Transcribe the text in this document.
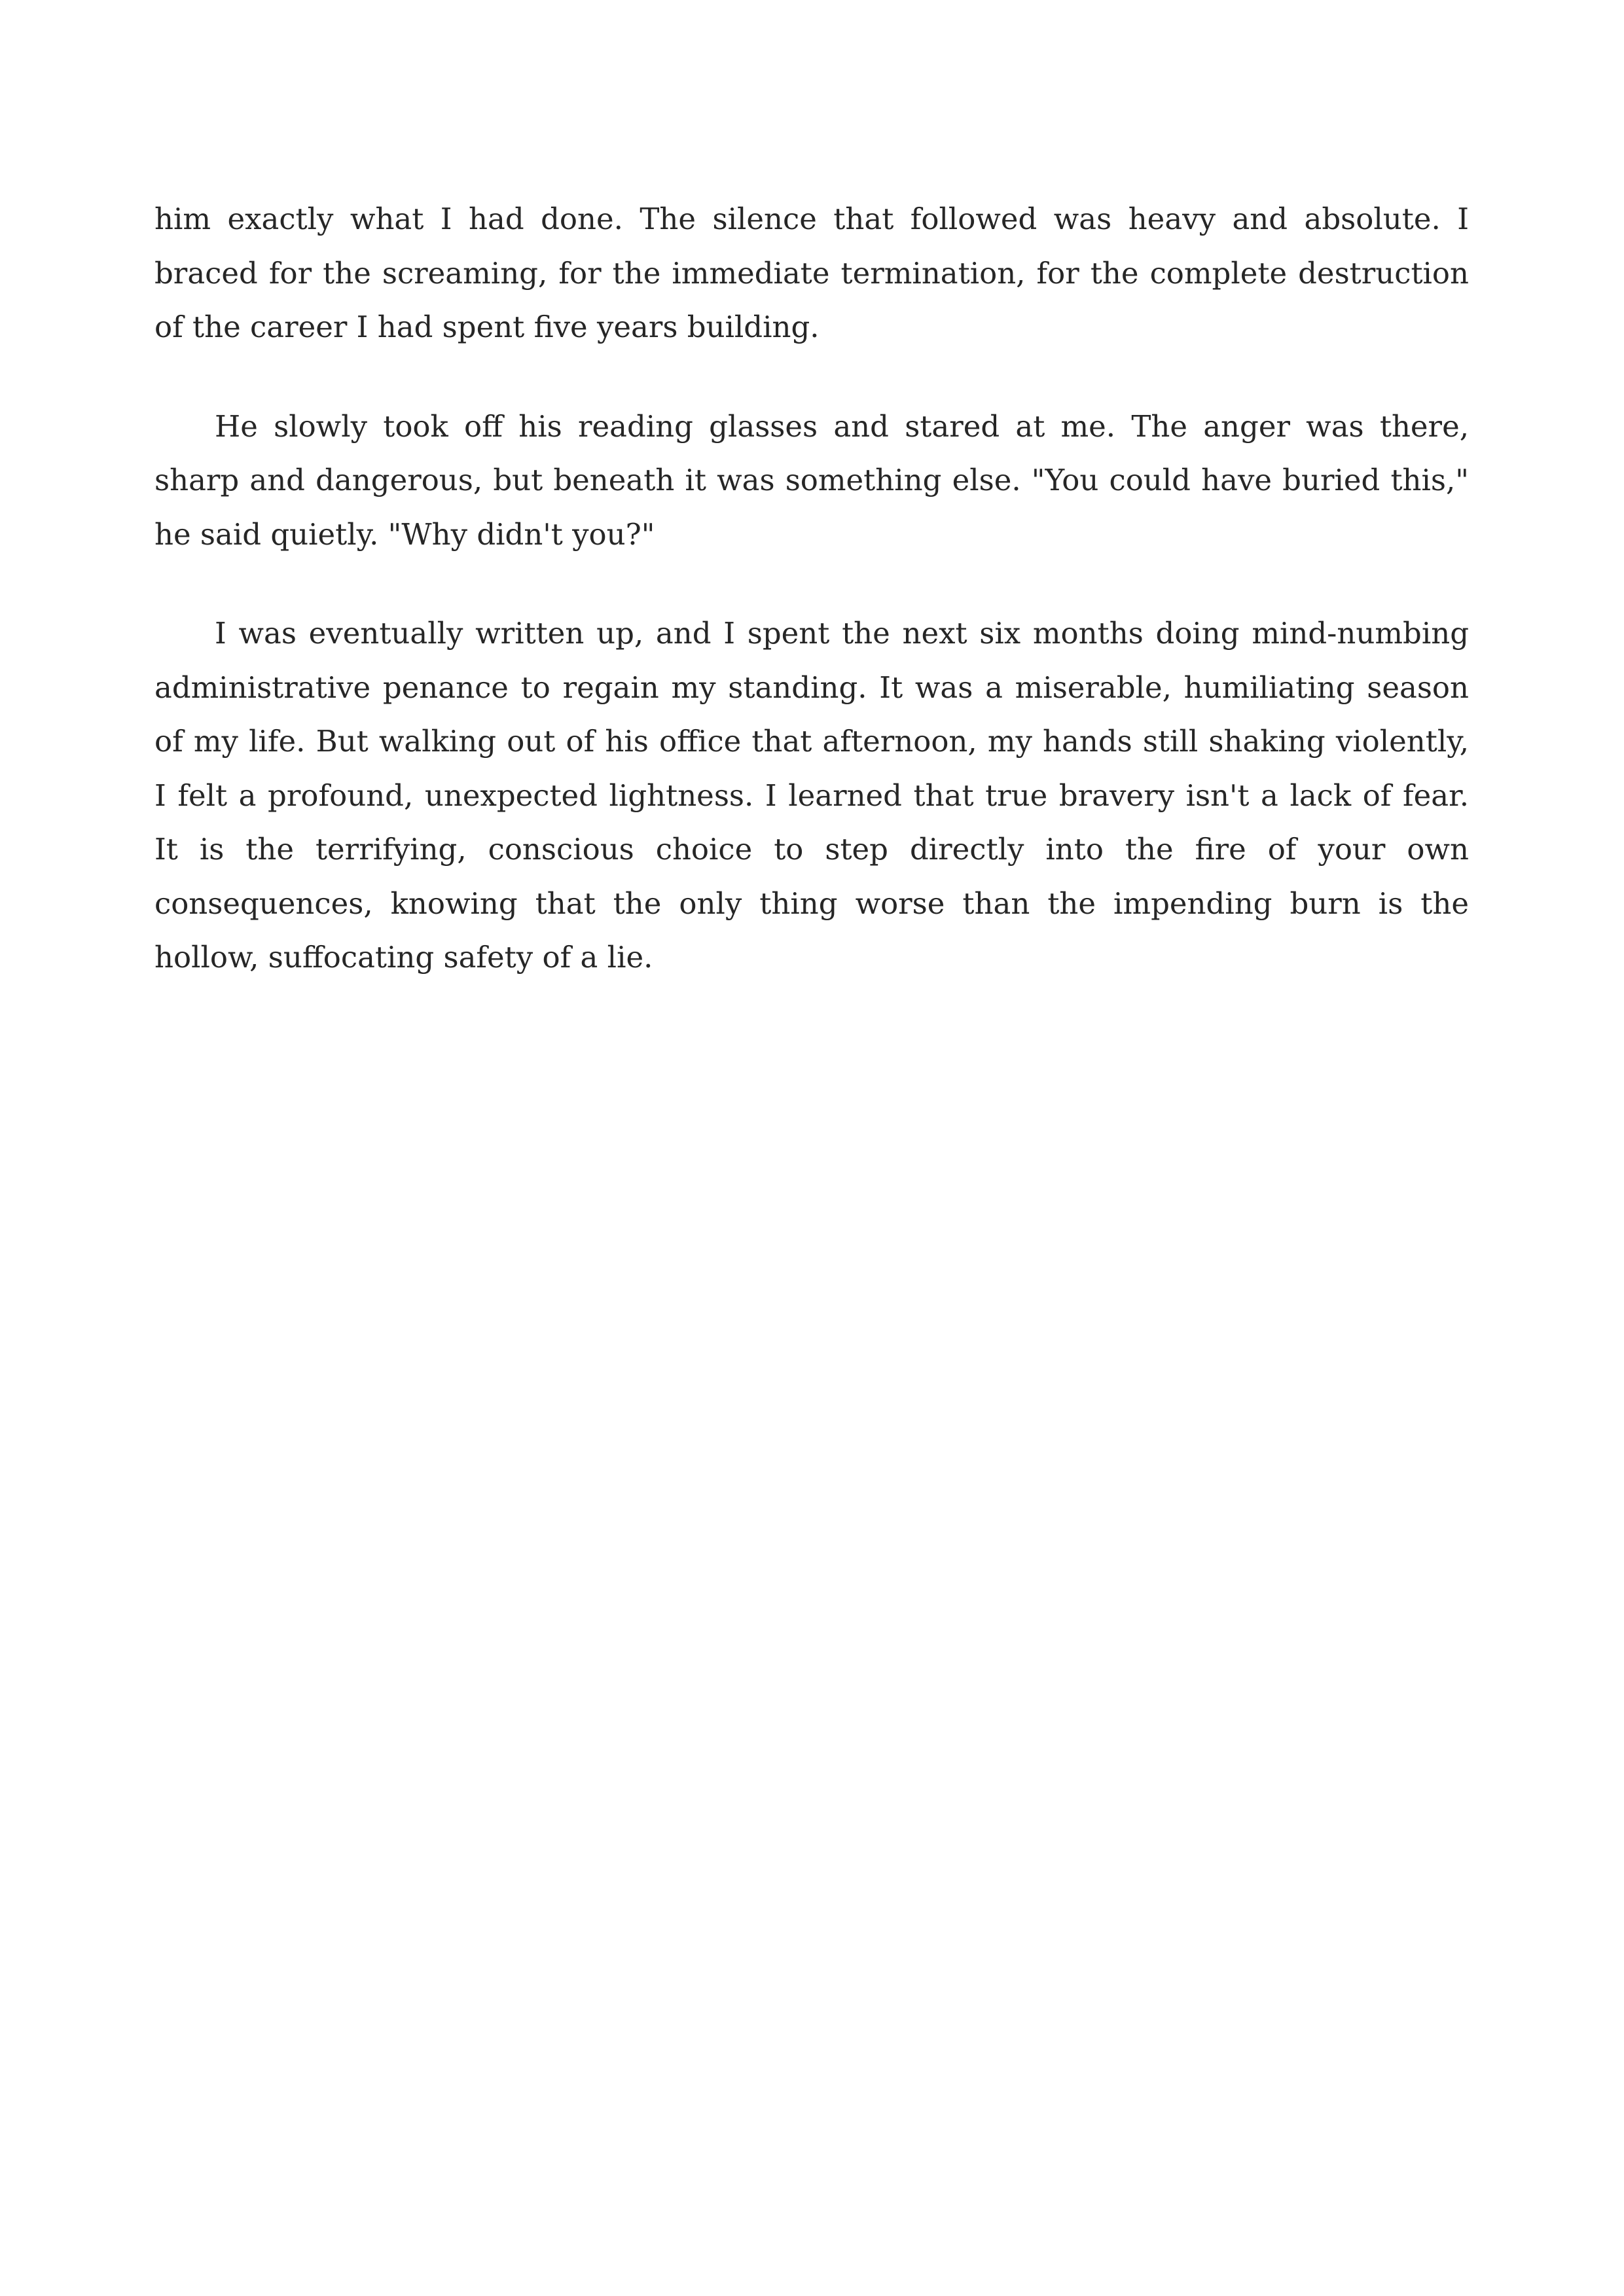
him exactly what I had done. The silence that followed was heavy and absolute. I braced for the screaming, for the immediate termination, for the complete destruction of the career I had spent five years building.

He slowly took off his reading glasses and stared at me. The anger was there, sharp and dangerous, but beneath it was something else. "You could have buried this," he said quietly. "Why didn't you?"

I was eventually written up, and I spent the next six months doing mind-numbing administrative penance to regain my standing. It was a miserable, humiliating season of my life. But walking out of his office that afternoon, my hands still shaking violently, I felt a profound, unexpected lightness. I learned that true bravery isn't a lack of fear. It is the terrifying, conscious choice to step directly into the fire of your own consequences, knowing that the only thing worse than the impending burn is the hollow, suffocating safety of a lie.
